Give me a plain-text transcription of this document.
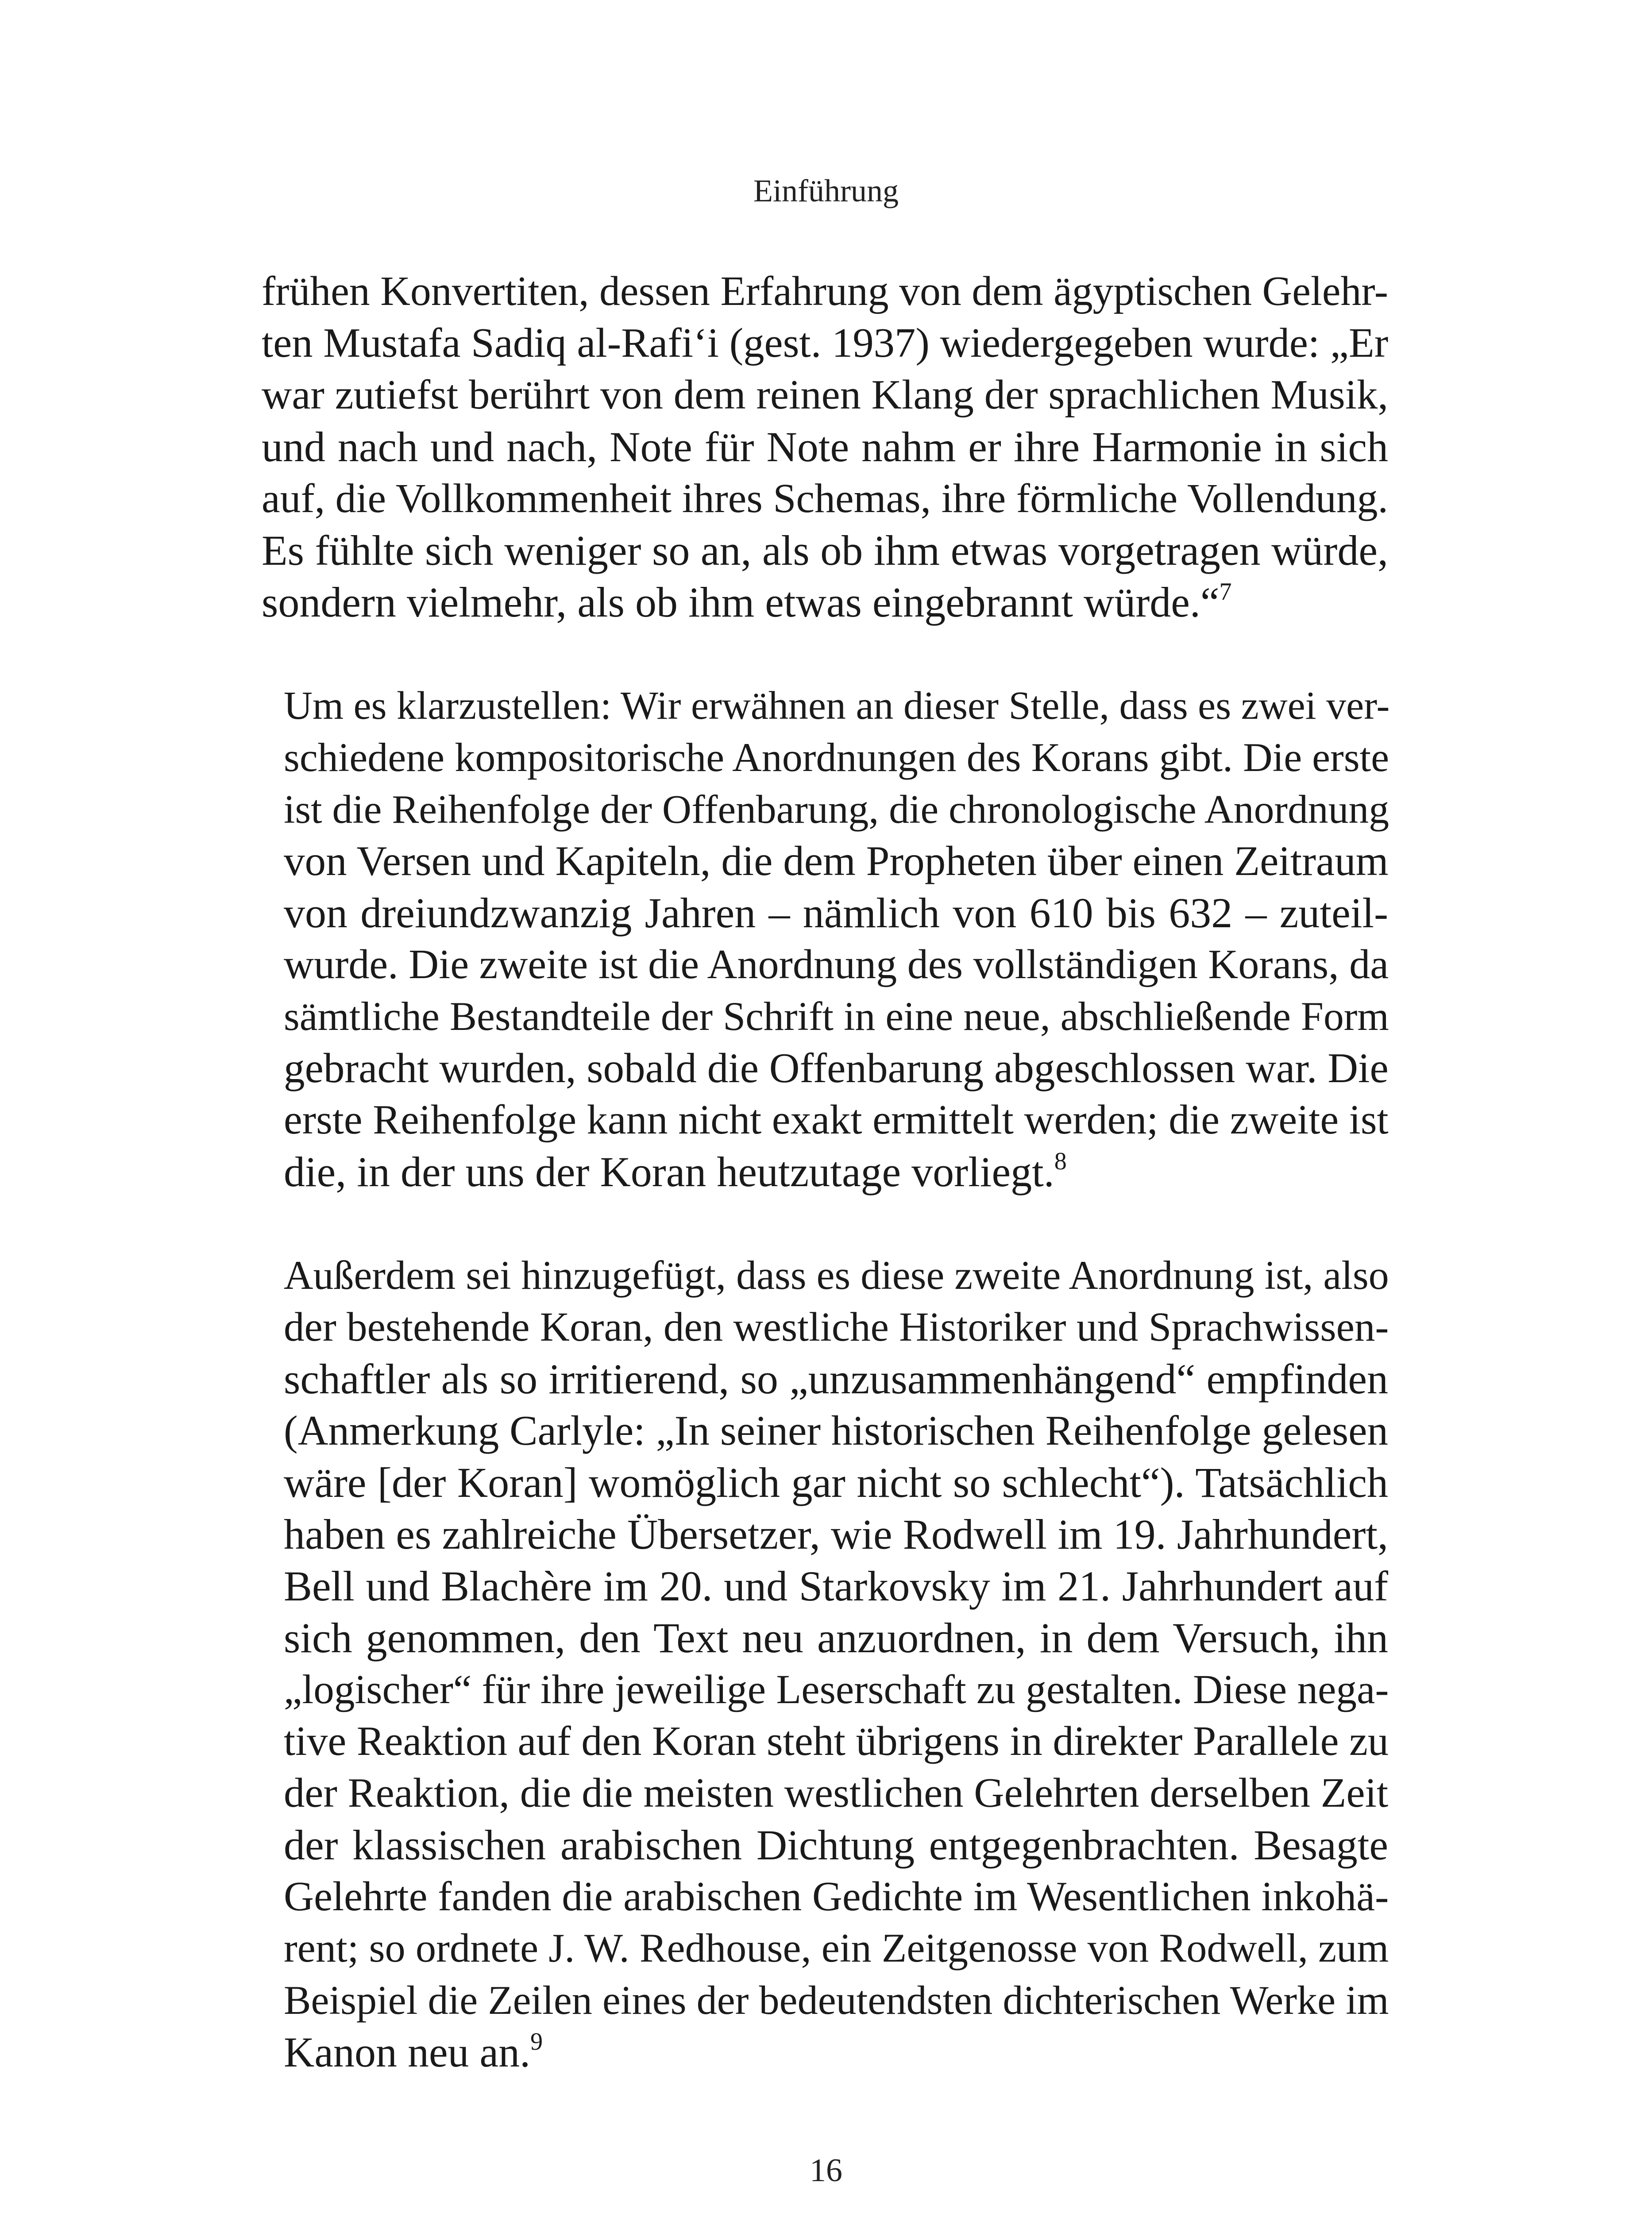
Einführung

frühen Konvertiten, dessen Erfahrung von dem ägyptischen Gelehr-
ten Mustafa Sadiq al-Rafi‘i (gest. 1937) wiedergegeben wurde: „Er
war zutiefst berührt von dem reinen Klang der sprachlichen Musik,
und nach und nach, Note für Note nahm er ihre Harmonie in sich
auf, die Vollkommenheit ihres Schemas, ihre förmliche Vollendung.
Es fühlte sich weniger so an, als ob ihm etwas vorgetragen würde,
sondern vielmehr, als ob ihm etwas eingebrannt würde.“$^7$

Um es klarzustellen: Wir erwähnen an dieser Stelle, dass es zwei ver-
schiedene kompositorische Anordnungen des Korans gibt. Die erste
ist die Reihenfolge der Offenbarung, die chronologische Anordnung
von Versen und Kapiteln, die dem Propheten über einen Zeitraum
von dreiundzwanzig Jahren – nämlich von 610 bis 632 – zuteil-
wurde. Die zweite ist die Anordnung des vollständigen Korans, da
sämtliche Bestandteile der Schrift in eine neue, abschließende Form
gebracht wurden, sobald die Offenbarung abgeschlossen war. Die
erste Reihenfolge kann nicht exakt ermittelt werden; die zweite ist
die, in der uns der Koran heutzutage vorliegt.$^8$

Außerdem sei hinzugefügt, dass es diese zweite Anordnung ist, also
der bestehende Koran, den westliche Historiker und Sprachwissen-
schaftler als so irritierend, so „unzusammenhängend“ empfinden
(Anmerkung Carlyle: „In seiner historischen Reihenfolge gelesen
wäre [der Koran] womöglich gar nicht so schlecht“). Tatsächlich
haben es zahlreiche Übersetzer, wie Rodwell im 19. Jahrhundert,
Bell und Blachère im 20. und Starkovsky im 21. Jahrhundert auf
sich genommen, den Text neu anzuordnen, in dem Versuch, ihn
„logischer“ für ihre jeweilige Leserschaft zu gestalten. Diese nega-
tive Reaktion auf den Koran steht übrigens in direkter Parallele zu
der Reaktion, die die meisten westlichen Gelehrten derselben Zeit
der klassischen arabischen Dichtung entgegenbrachten. Besagte
Gelehrte fanden die arabischen Gedichte im Wesentlichen inkohä-
rent; so ordnete J. W. Redhouse, ein Zeitgenosse von Rodwell, zum
Beispiel die Zeilen eines der bedeutendsten dichterischen Werke im
Kanon neu an.$^9$

16
